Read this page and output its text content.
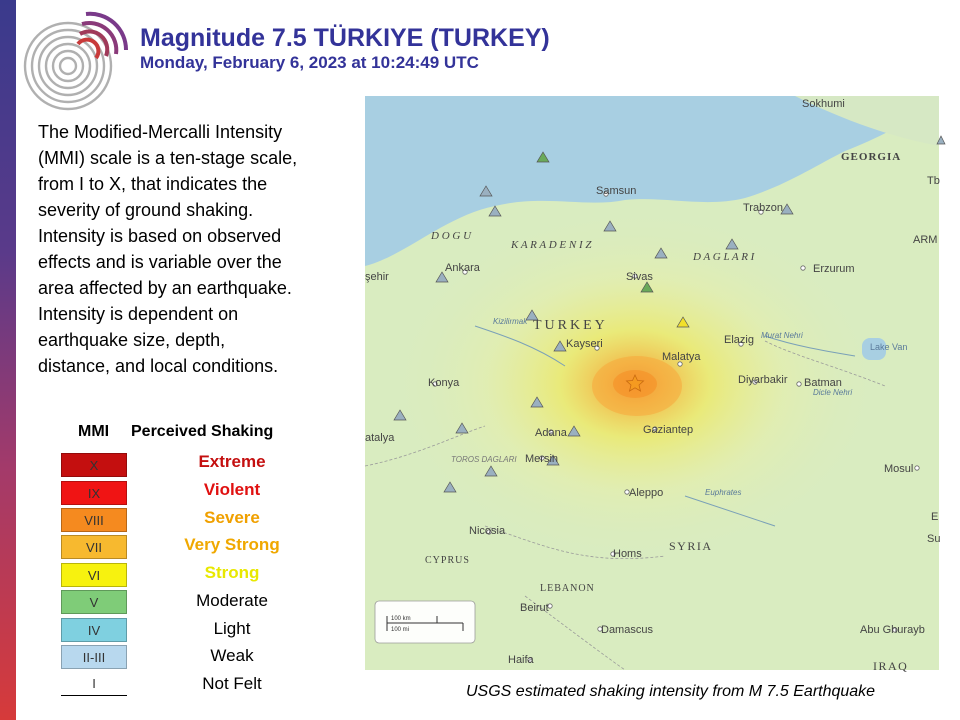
Magnitude 7.5 TÜRKIYE (TURKEY)
Monday, February 6, 2023 at 10:24:49 UTC
The Modified-Mercalli Intensity
(MMI) scale is a ten-stage scale,
from I to X, that indicates the
severity of ground shaking.
Intensity is based on observed
effects and is variable over the
area affected by an earthquake.
Intensity is dependent on
earthquake size, depth,
distance, and local conditions.
MMI Perceived Shaking
X	Extreme
IX	Violent
VIII	Severe
VII	Very Strong
VI	Strong
V	Moderate
IV	Light
II-III	Weak
I	Not Felt
Sokhumi
GEORGIA
Tb
Samsun
Trabzon
D O G U
K A R A D E N I Z
D A G L A R I
ARM
şehir
Ankara
Sivas
Erzurum
TURKEY
Kizilirmak
Kayseri	Elazig Murat Nehri
Lake Van
Malatya
Konya	Diyarbakir Batman
Dicle Nehri
atalya	Adana	Gaziantep
TOROS DAGLARI Mersin
Mosul
Aleppo	Euphrates
E
Nicosia
SYRIA	Su
CYPRUS
Homs
LEBANON
Beirut
Damascus	Abu Ghurayb
Haifa	IRAQ
100 km
100 mi
USGS estimated shaking intensity from M 7.5 Earthquake
